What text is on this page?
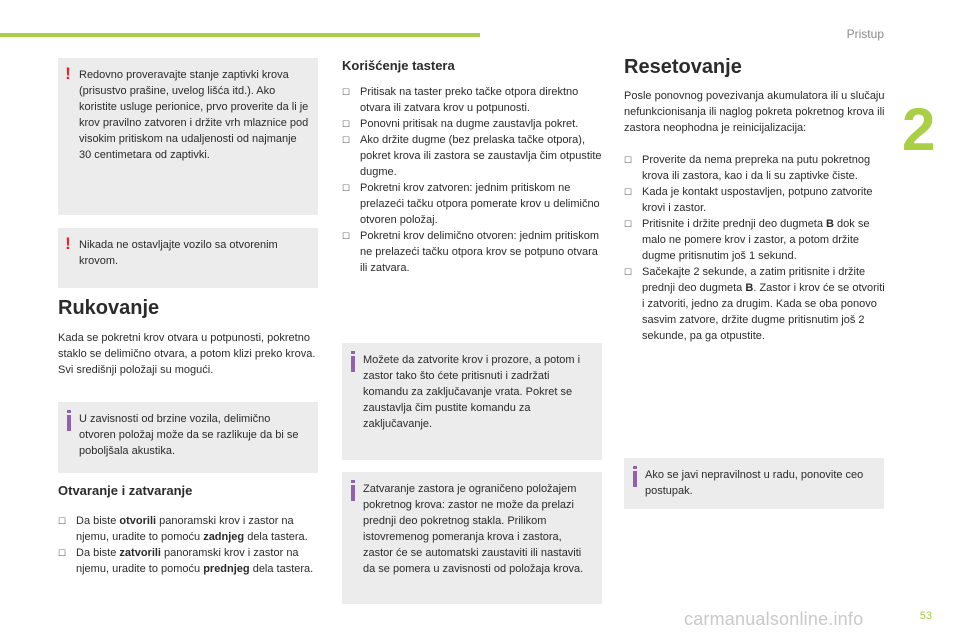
Pristup
2
carmanualsonline.info	53
! Redovno proveravajte stanje zaptivki krova (prisustvo prašine, uvelog lišća itd.). Ako koristite usluge perionice, prvo proverite da li je krov pravilno zatvoren i držite vrh mlaznice pod visokim pritiskom na udaljenosti od najmanje 30 centimetara od zaptivki.
! Nikada ne ostavljajte vozilo sa otvorenim krovom.
Rukovanje
Kada se pokretni krov otvara u potpunosti, pokretno staklo se delimično otvara, a potom klizi preko krova. Svi središnji položaji su mogući.
U zavisnosti od brzine vozila, delimično otvoren položaj može da se razlikuje da bi se poboljšala akustika.
Otvaranje i zatvaranje
☐ Da biste otvorili panoramski krov i zastor na njemu, uradite to pomoću zadnjeg dela tastera.
☐ Da biste zatvorili panoramski krov i zastor na njemu, uradite to pomoću prednjeg dela tastera.
Korišćenje tastera
☐ Pritisak na taster preko tačke otpora direktno otvara ili zatvara krov u potpunosti.
☐ Ponovni pritisak na dugme zaustavlja pokret.
☐ Ako držite dugme (bez prelaska tačke otpora), pokret krova ili zastora se zaustavlja čim otpustite dugme.
☐ Pokretni krov zatvoren: jednim pritiskom ne prelazeći tačku otpora pomerate krov u delimično otvoren položaj.
☐ Pokretni krov delimično otvoren: jednim pritiskom ne prelazeći tačku otpora krov se potpuno otvara ili zatvara.
Možete da zatvorite krov i prozore, a potom i zastor tako što ćete pritisnuti i zadržati komandu za zaključavanje vrata. Pokret se zaustavlja čim pustite komandu za zaključavanje.
Zatvaranje zastora je ograničeno položajem pokretnog krova: zastor ne može da prelazi prednji deo pokretnog stakla. Prilikom istovremenog pomeranja krova i zastora, zastor će se automatski zaustaviti ili nastaviti da se pomera u zavisnosti od položaja krova.
Resetovanje
Posle ponovnog povezivanja akumulatora ili u slučaju nefunkcionisanja ili naglog pokreta pokretnog krova ili zastora neophodna je reinicijalizacija:
☐ Proverite da nema prepreka na putu pokretnog krova ili zastora, kao i da li su zaptivke čiste.
☐ Kada je kontakt uspostavljen, potpuno zatvorite krovi i zastor.
☐ Pritisnite i držite prednji deo dugmeta B dok se malo ne pomere krov i zastor, a potom držite dugme pritisnutim još 1 sekund.
☐ Sačekajte 2 sekunde, a zatim pritisnite i držite prednji deo dugmeta B. Zastor i krov će se otvoriti i zatvoriti, jedno za drugim. Kada se oba ponovo sasvim zatvore, držite dugme pritisnutim još 2 sekunde, pa ga otpustite.
Ako se javi nepravilnost u radu, ponovite ceo postupak.
